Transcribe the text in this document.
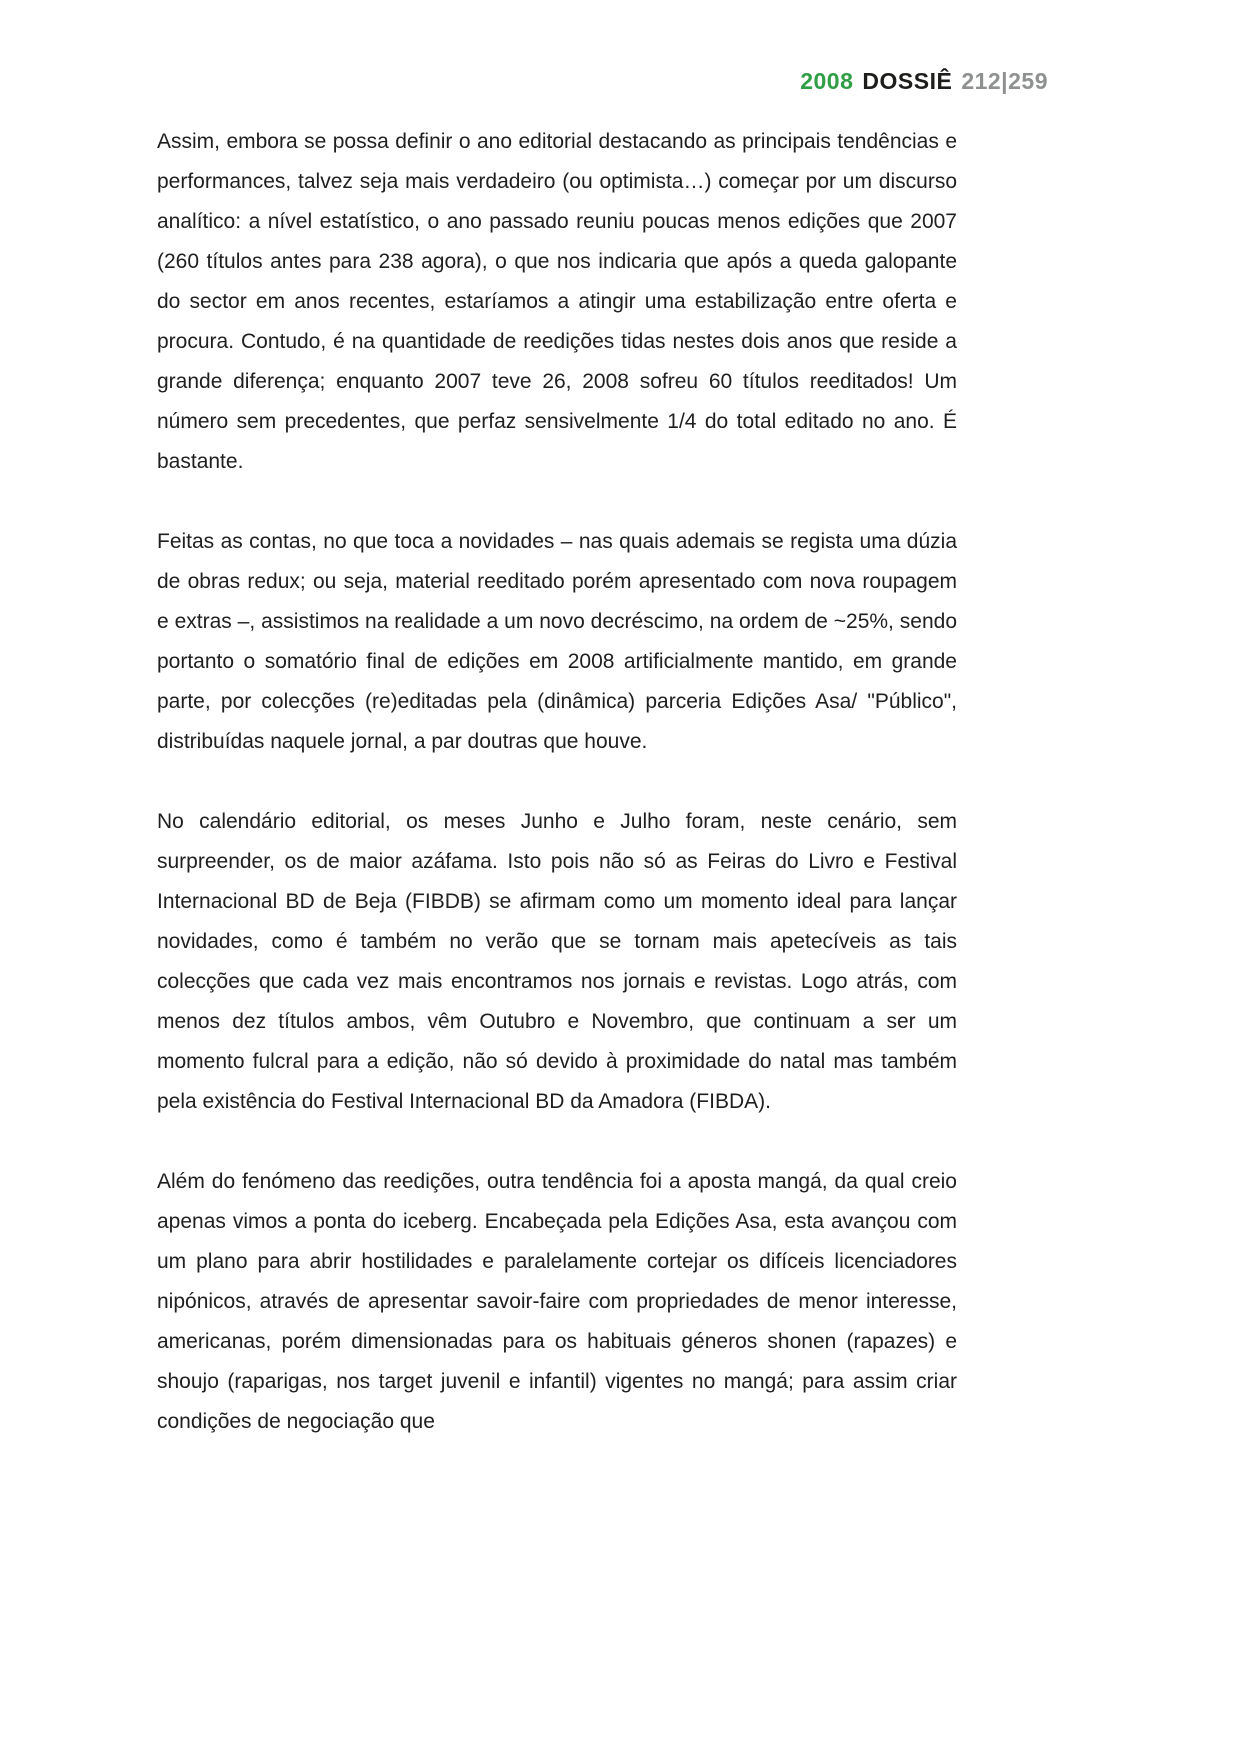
2008 DOSSIÊ 212|259

Assim, embora se possa definir o ano editorial destacando as principais tendências e performances, talvez seja mais verdadeiro (ou optimista…) começar por um discurso analítico: a nível estatístico, o ano passado reuniu poucas menos edições que 2007 (260 títulos antes para 238 agora), o que nos indicaria que após a queda galopante do sector em anos recentes, estaríamos a atingir uma estabilização entre oferta e procura. Contudo, é na quantidade de reedições tidas nestes dois anos que reside a grande diferença; enquanto 2007 teve 26, 2008 sofreu 60 títulos reeditados! Um número sem precedentes, que perfaz sensivelmente 1/4 do total editado no ano. É bastante.

Feitas as contas, no que toca a novidades – nas quais ademais se regista uma dúzia de obras redux; ou seja, material reeditado porém apresentado com nova roupagem e extras –, assistimos na realidade a um novo decréscimo, na ordem de ~25%, sendo portanto o somatório final de edições em 2008 artificialmente mantido, em grande parte, por colecções (re)editadas pela (dinâmica) parceria Edições Asa/ "Público", distribuídas naquele jornal, a par doutras que houve.

No calendário editorial, os meses Junho e Julho foram, neste cenário, sem surpreender, os de maior azáfama. Isto pois não só as Feiras do Livro e Festival Internacional BD de Beja (FIBDB) se afirmam como um momento ideal para lançar novidades, como é também no verão que se tornam mais apetecíveis as tais colecções que cada vez mais encontramos nos jornais e revistas. Logo atrás, com menos dez títulos ambos, vêm Outubro e Novembro, que continuam a ser um momento fulcral para a edição, não só devido à proximidade do natal mas também pela existência do Festival Internacional BD da Amadora (FIBDA).

Além do fenómeno das reedições, outra tendência foi a aposta mangá, da qual creio apenas vimos a ponta do iceberg. Encabeçada pela Edições Asa, esta avançou com um plano para abrir hostilidades e paralelamente cortejar os difíceis licenciadores nipónicos, através de apresentar savoir-faire com propriedades de menor interesse, americanas, porém dimensionadas para os habituais géneros shonen (rapazes) e shoujo (raparigas, nos target juvenil e infantil) vigentes no mangá; para assim criar condições de negociação que
